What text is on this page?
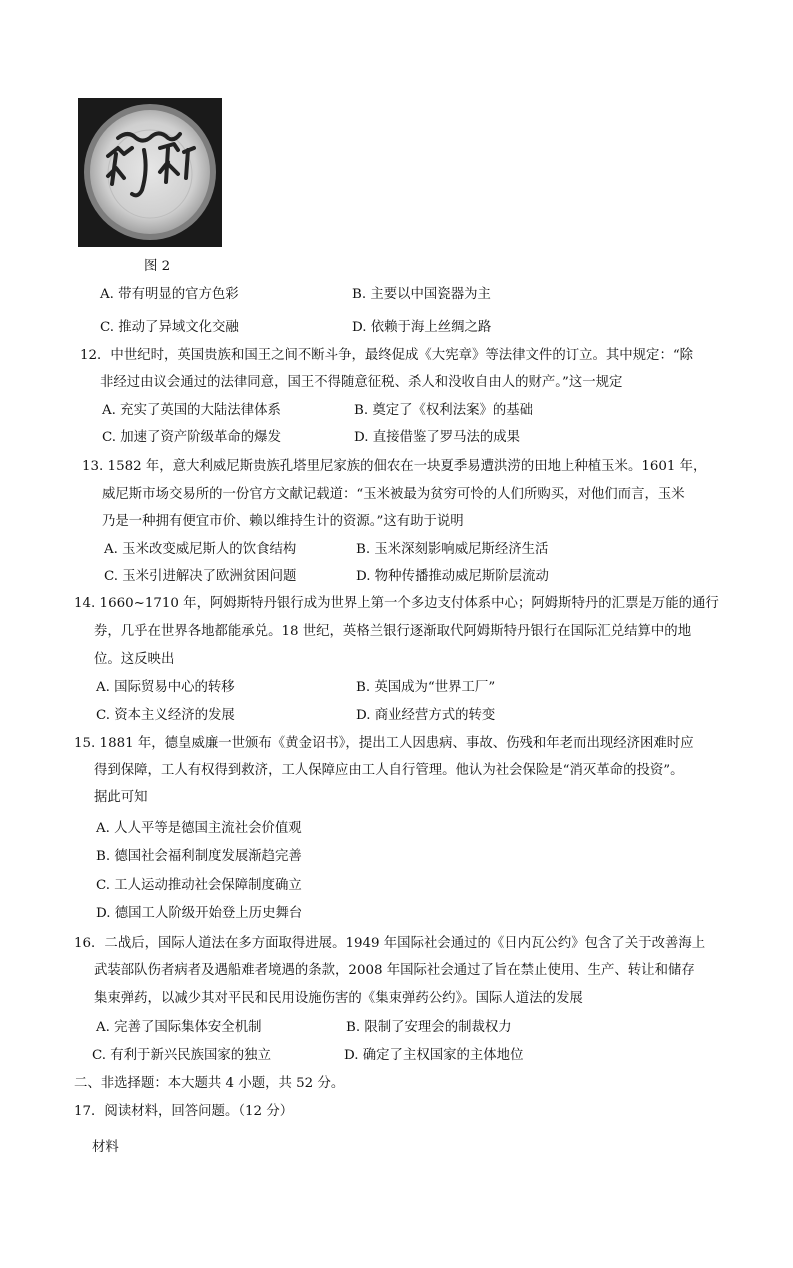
图 2
A. 带有明显的官方色彩	B. 主要以中国瓷器为主
C. 推动了异域文化交融	D. 依赖于海上丝绸之路
12．中世纪时，英国贵族和国王之间不断斗争，最终促成《大宪章》等法律文件的订立。其中规定：“除
非经过由议会通过的法律同意，国王不得随意征税、杀人和没收自由人的财产。”这一规定
A. 充实了英国的大陆法律体系	B. 奠定了《权利法案》的基础
C. 加速了资产阶级革命的爆发	D. 直接借鉴了罗马法的成果
13. 1582 年，意大利威尼斯贵族孔塔里尼家族的佃农在一块夏季易遭洪涝的田地上种植玉米。1601 年，
威尼斯市场交易所的一份官方文献记载道：“玉米被最为贫穷可怜的人们所购买，对他们而言，玉米
乃是一种拥有便宜市价、赖以维持生计的资源。”这有助于说明
A. 玉米改变威尼斯人的饮食结构	B. 玉米深刻影响威尼斯经济生活
C. 玉米引进解决了欧洲贫困问题	D. 物种传播推动威尼斯阶层流动
14. 1660~1710 年，阿姆斯特丹银行成为世界上第一个多边支付体系中心；阿姆斯特丹的汇票是万能的通行
券，几乎在世界各地都能承兑。18 世纪，英格兰银行逐渐取代阿姆斯特丹银行在国际汇兑结算中的地
位。这反映出
A. 国际贸易中心的转移	B. 英国成为“世界工厂”
C. 资本主义经济的发展	D. 商业经营方式的转变
15. 1881 年，德皇威廉一世颁布《黄金诏书》，提出工人因患病、事故、伤残和年老而出现经济困难时应
得到保障，工人有权得到救济，工人保障应由工人自行管理。他认为社会保险是“消灭革命的投资”。
据此可知
A. 人人平等是德国主流社会价值观
B. 德国社会福利制度发展渐趋完善
C. 工人运动推动社会保障制度确立
D. 德国工人阶级开始登上历史舞台
16．二战后，国际人道法在多方面取得进展。1949 年国际社会通过的《日内瓦公约》包含了关于改善海上
武装部队伤者病者及遇船难者境遇的条款，2008 年国际社会通过了旨在禁止使用、生产、转让和储存
集束弹药，以减少其对平民和民用设施伤害的《集束弹药公约》。国际人道法的发展
A. 完善了国际集体安全机制	B. 限制了安理会的制裁权力
C. 有利于新兴民族国家的独立	D. 确定了主权国家的主体地位
二、非选择题：本大题共 4 小题，共 52 分。
17．阅读材料，回答问题。（12 分）
材料
